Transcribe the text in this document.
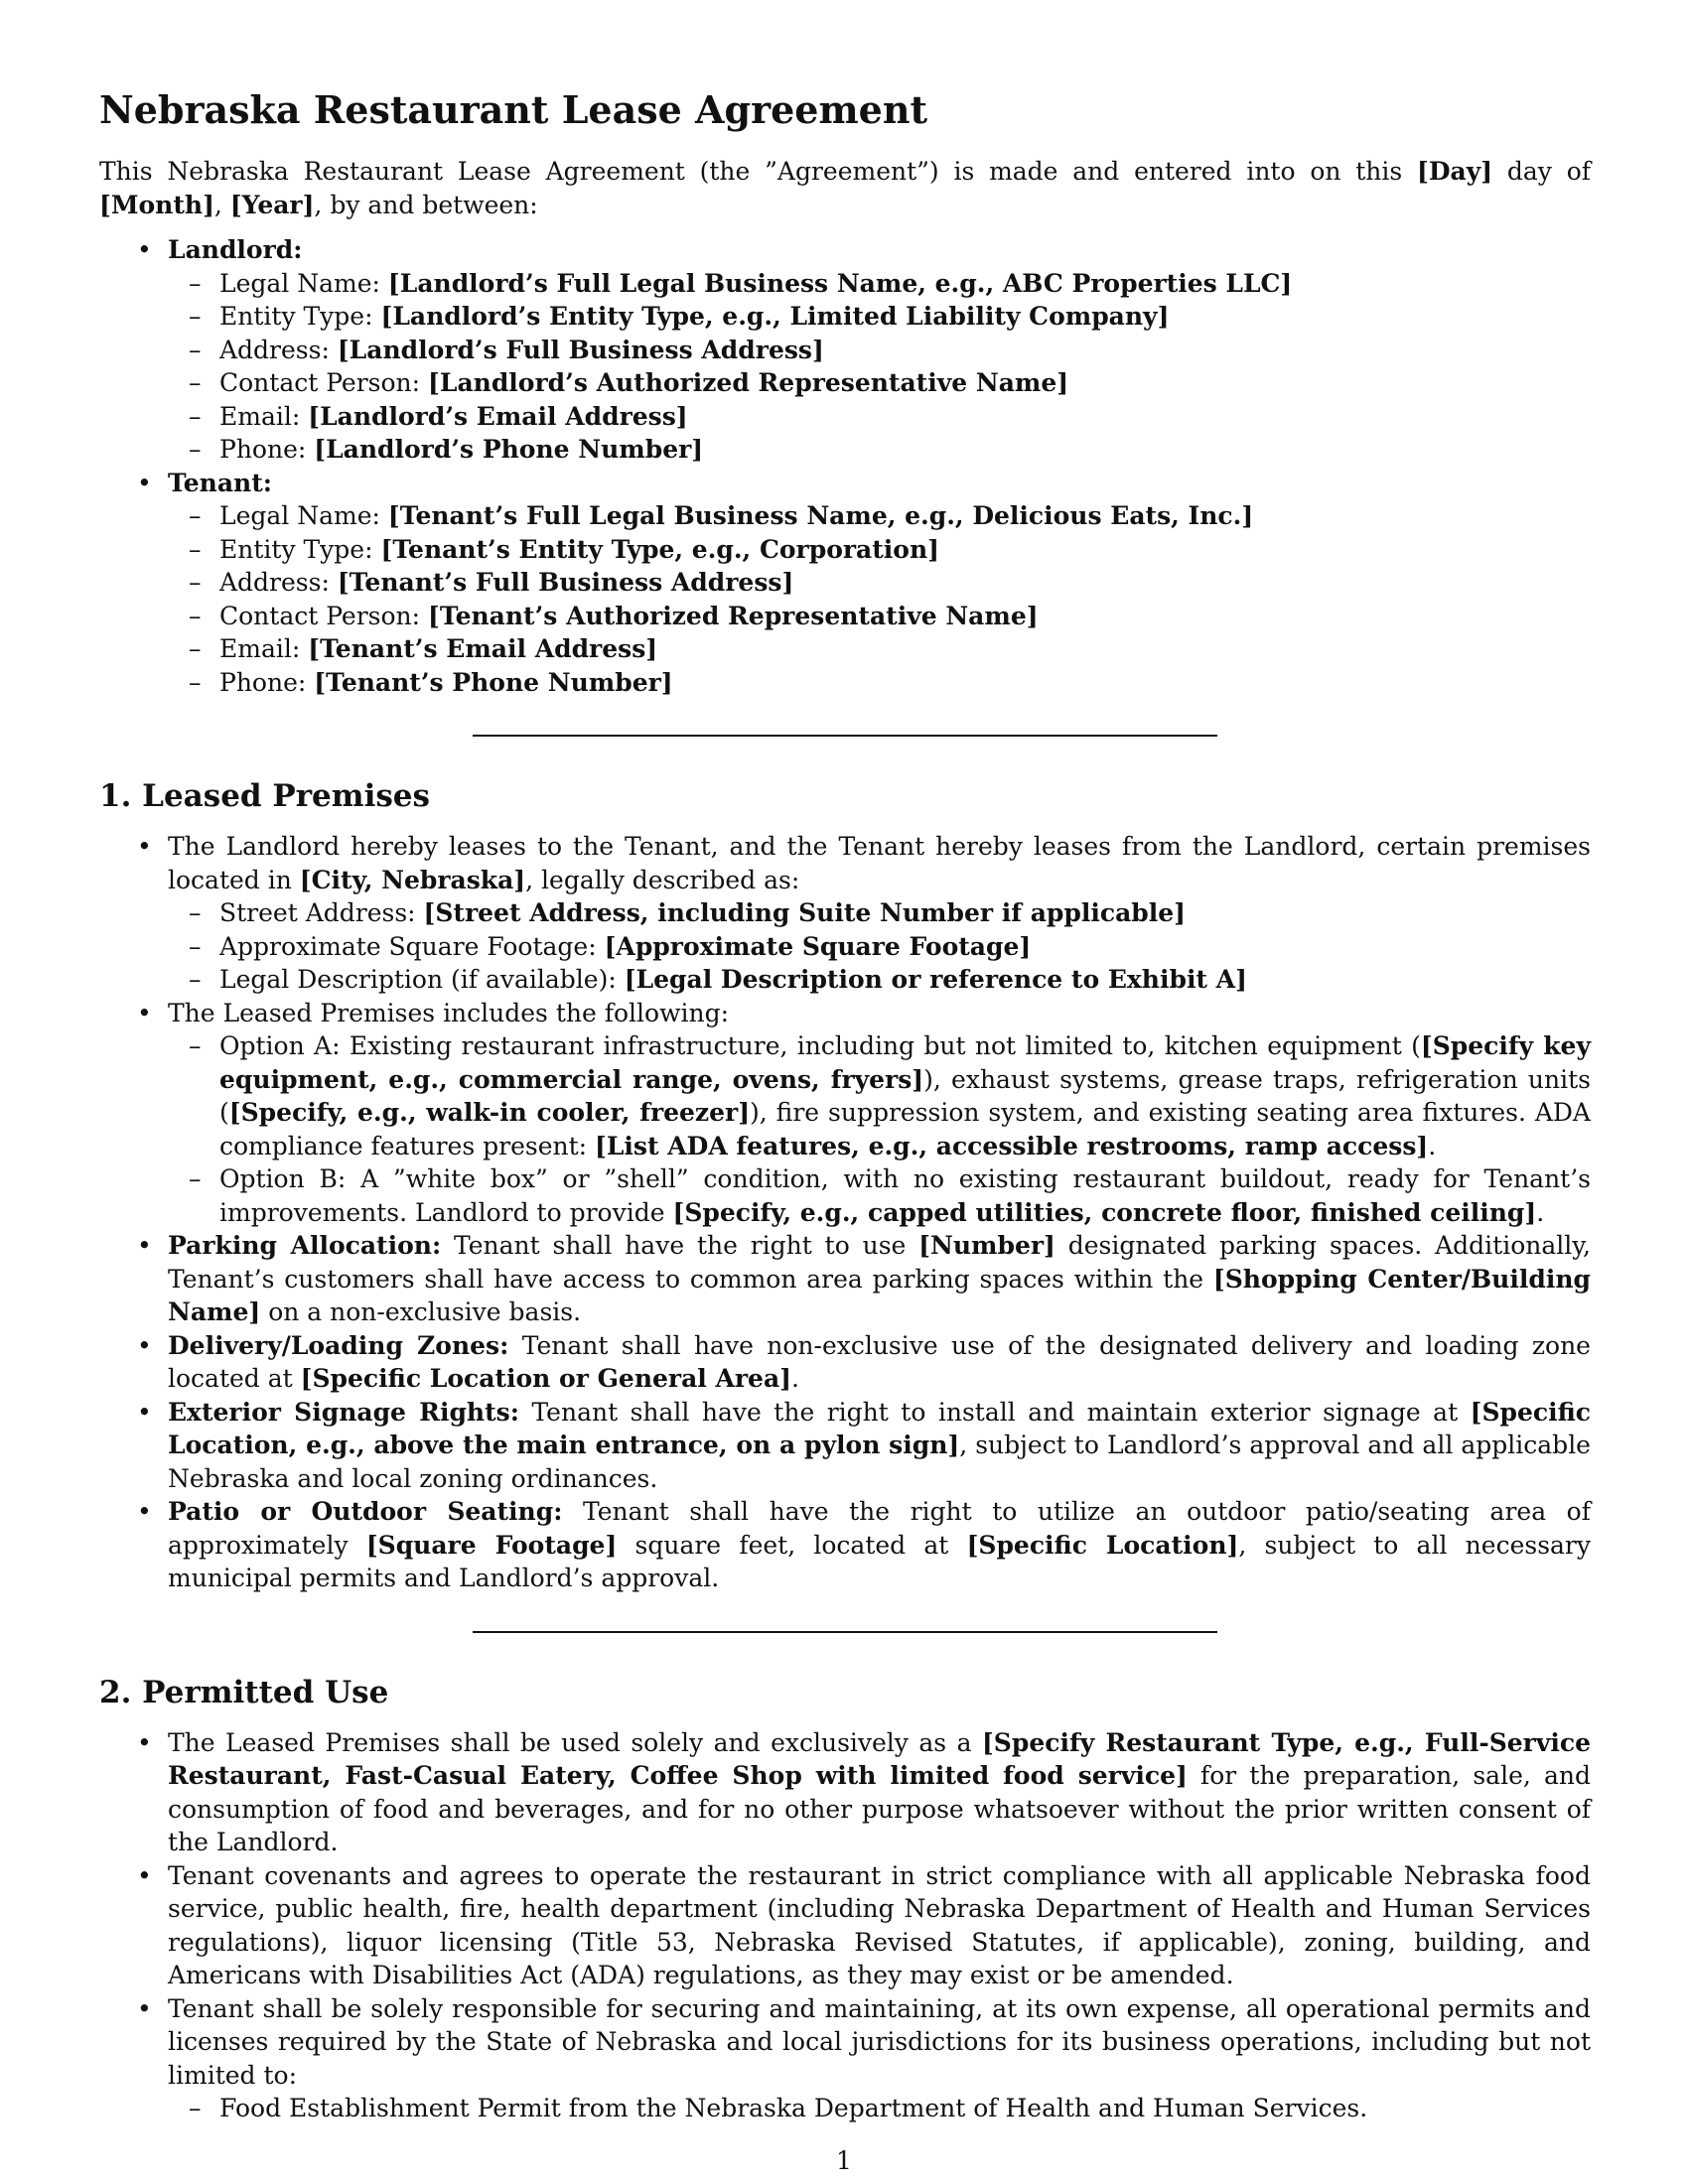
Nebraska Restaurant Lease Agreement

This Nebraska Restaurant Lease Agreement (the ”Agreement”) is made and entered into on this [Day] day of [Month], [Year], by and between:

• Landlord:
– Legal Name: [Landlord’s Full Legal Business Name, e.g., ABC Properties LLC]
– Entity Type: [Landlord’s Entity Type, e.g., Limited Liability Company]
– Address: [Landlord’s Full Business Address]
– Contact Person: [Landlord’s Authorized Representative Name]
– Email: [Landlord’s Email Address]
– Phone: [Landlord’s Phone Number]
• Tenant:
– Legal Name: [Tenant’s Full Legal Business Name, e.g., Delicious Eats, Inc.]
– Entity Type: [Tenant’s Entity Type, e.g., Corporation]
– Address: [Tenant’s Full Business Address]
– Contact Person: [Tenant’s Authorized Representative Name]
– Email: [Tenant’s Email Address]
– Phone: [Tenant’s Phone Number]
1. Leased Premises
• The Landlord hereby leases to the Tenant, and the Tenant hereby leases from the Landlord, certain premises located in [City, Nebraska], legally described as:
– Street Address: [Street Address, including Suite Number if applicable]
– Approximate Square Footage: [Approximate Square Footage]
– Legal Description (if available): [Legal Description or reference to Exhibit A]
• The Leased Premises includes the following:
– Option A: Existing restaurant infrastructure, including but not limited to, kitchen equipment ([Specify key equipment, e.g., commercial range, ovens, fryers]), exhaust systems, grease traps, refrigeration units ([Specify, e.g., walk-in cooler, freezer]), fire suppression system, and existing seating area fixtures. ADA compliance features present: [List ADA features, e.g., accessible restrooms, ramp access].
– Option B: A ”white box” or ”shell” condition, with no existing restaurant buildout, ready for Tenant’s improvements. Landlord to provide [Specify, e.g., capped utilities, concrete floor, finished ceiling].
• Parking Allocation: Tenant shall have the right to use [Number] designated parking spaces. Additionally, Tenant’s customers shall have access to common area parking spaces within the [Shopping Center/Building Name] on a non-exclusive basis.
• Delivery/Loading Zones: Tenant shall have non-exclusive use of the designated delivery and loading zone located at [Specific Location or General Area].
• Exterior Signage Rights: Tenant shall have the right to install and maintain exterior signage at [Specific Location, e.g., above the main entrance, on a pylon sign], subject to Landlord’s approval and all applicable Nebraska and local zoning ordinances.
• Patio or Outdoor Seating: Tenant shall have the right to utilize an outdoor patio/seating area of approximately [Square Footage] square feet, located at [Specific Location], subject to all necessary municipal permits and Landlord’s approval.
2. Permitted Use
• The Leased Premises shall be used solely and exclusively as a [Specify Restaurant Type, e.g., Full-Service Restaurant, Fast-Casual Eatery, Coffee Shop with limited food service] for the preparation, sale, and consumption of food and beverages, and for no other purpose whatsoever without the prior written consent of the Landlord.
• Tenant covenants and agrees to operate the restaurant in strict compliance with all applicable Nebraska food service, public health, fire, health department (including Nebraska Department of Health and Human Services regulations), liquor licensing (Title 53, Nebraska Revised Statutes, if applicable), zoning, building, and Americans with Disabilities Act (ADA) regulations, as they may exist or be amended.
• Tenant shall be solely responsible for securing and maintaining, at its own expense, all operational permits and licenses required by the State of Nebraska and local jurisdictions for its business operations, including but not limited to:
– Food Establishment Permit from the Nebraska Department of Health and Human Services.
1
